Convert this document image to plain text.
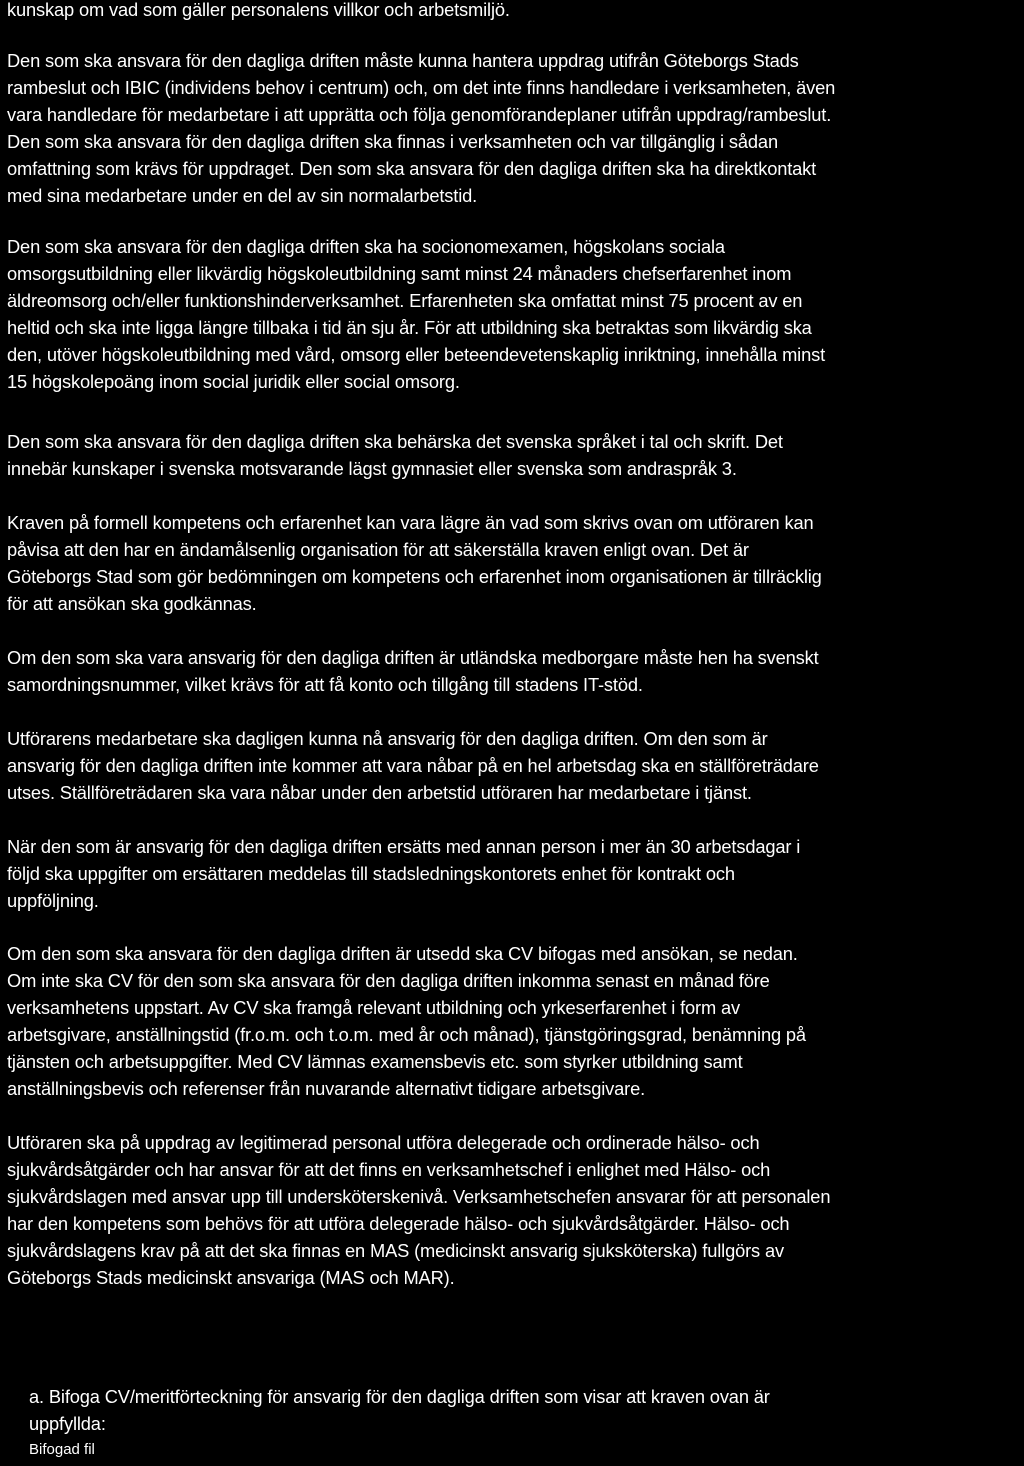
kunskap om vad som gäller personalens villkor och arbetsmiljö.

Den som ska ansvara för den dagliga driften måste kunna hantera uppdrag utifrån Göteborgs Stads
rambeslut och IBIC (individens behov i centrum) och, om det inte finns handledare i verksamheten, även
vara handledare för medarbetare i att upprätta och följa genomförandeplaner utifrån uppdrag/rambeslut.
Den som ska ansvara för den dagliga driften ska finnas i verksamheten och var tillgänglig i sådan
omfattning som krävs för uppdraget. Den som ska ansvara för den dagliga driften ska ha direktkontakt
med sina medarbetare under en del av sin normalarbetstid.

Den som ska ansvara för den dagliga driften ska ha socionomexamen, högskolans sociala
omsorgsutbildning eller likvärdig högskoleutbildning samt minst 24 månaders chefserfarenhet inom
äldreomsorg och/eller funktionshinderverksamhet. Erfarenheten ska omfattat minst 75 procent av en
heltid och ska inte ligga längre tillbaka i tid än sju år. För att utbildning ska betraktas som likvärdig ska
den, utöver högskoleutbildning med vård, omsorg eller beteendevetenskaplig inriktning, innehålla minst
15 högskolepoäng inom social juridik eller social omsorg.

Den som ska ansvara för den dagliga driften ska behärska det svenska språket i tal och skrift. Det
innebär kunskaper i svenska motsvarande lägst gymnasiet eller svenska som andraspråk 3.

Kraven på formell kompetens och erfarenhet kan vara lägre än vad som skrivs ovan om utföraren kan
påvisa att den har en ändamålsenlig organisation för att säkerställa kraven enligt ovan. Det är
Göteborgs Stad som gör bedömningen om kompetens och erfarenhet inom organisationen är tillräcklig
för att ansökan ska godkännas.

Om den som ska vara ansvarig för den dagliga driften är utländska medborgare måste hen ha svenskt
samordningsnummer, vilket krävs för att få konto och tillgång till stadens IT-stöd.

Utförarens medarbetare ska dagligen kunna nå ansvarig för den dagliga driften. Om den som är
ansvarig för den dagliga driften inte kommer att vara nåbar på en hel arbetsdag ska en ställföreträdare
utses. Ställföreträdaren ska vara nåbar under den arbetstid utföraren har medarbetare i tjänst.

När den som är ansvarig för den dagliga driften ersätts med annan person i mer än 30 arbetsdagar i
följd ska uppgifter om ersättaren meddelas till stadsledningskontorets enhet för kontrakt och
uppföljning.

Om den som ska ansvara för den dagliga driften är utsedd ska CV bifogas med ansökan, se nedan.
Om inte ska CV för den som ska ansvara för den dagliga driften inkomma senast en månad före
verksamhetens uppstart. Av CV ska framgå relevant utbildning och yrkeserfarenhet i form av
arbetsgivare, anställningstid (fr.o.m. och t.o.m. med år och månad), tjänstgöringsgrad, benämning på
tjänsten och arbetsuppgifter. Med CV lämnas examensbevis etc. som styrker utbildning samt
anställningsbevis och referenser från nuvarande alternativt tidigare arbetsgivare.

Utföraren ska på uppdrag av legitimerad personal utföra delegerade och ordinerade hälso- och
sjukvårdsåtgärder och har ansvar för att det finns en verksamhetschef i enlighet med Hälso- och
sjukvårdslagen med ansvar upp till undersköterskenivå. Verksamhetschefen ansvarar för att personalen
har den kompetens som behövs för att utföra delegerade hälso- och sjukvårdsåtgärder. Hälso- och
sjukvårdslagens krav på att det ska finnas en MAS (medicinskt ansvarig sjuksköterska) fullgörs av
Göteborgs Stads medicinskt ansvariga (MAS och MAR).

a. Bifoga CV/meritförteckning för ansvarig för den dagliga driften som visar att kraven ovan är
uppfyllda:

Bifogad fil
